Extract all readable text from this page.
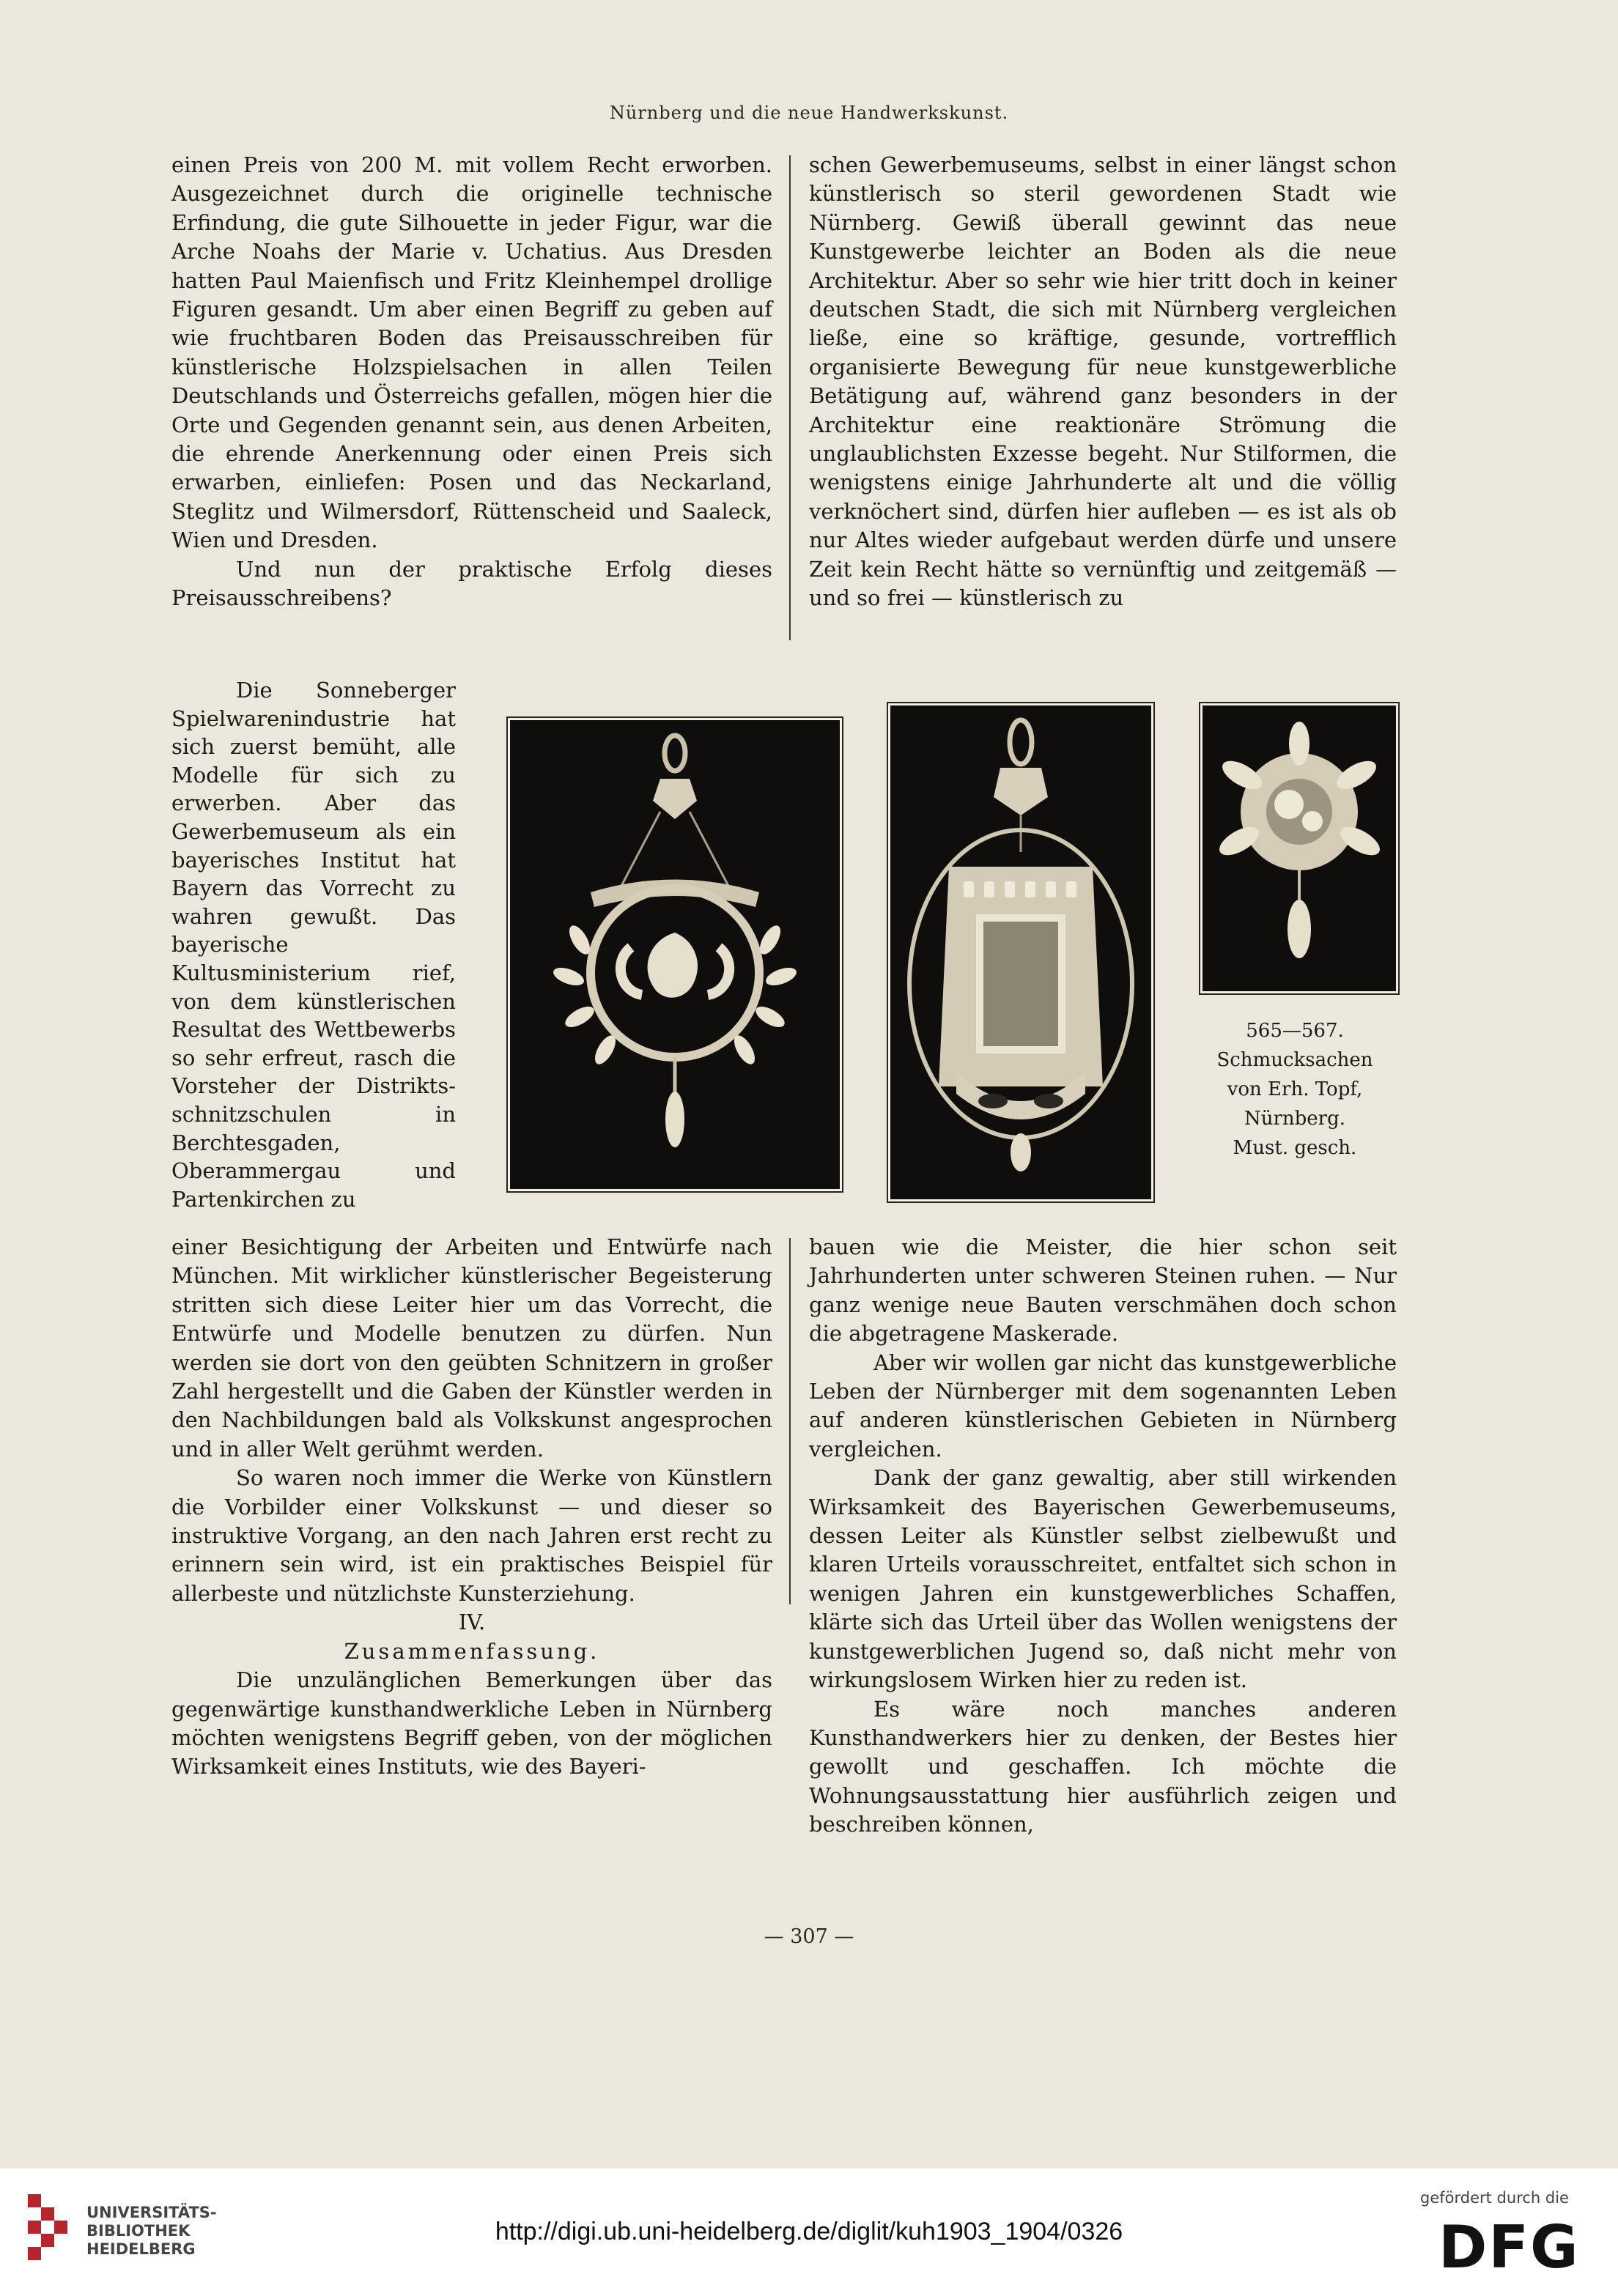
Nürnberg und die neue Handwerkskunst.

einen Preis von 200 M. mit vollem Recht erworben. Ausgezeichnet durch die originelle technische Erfindung, die gute Silhouette in jeder Figur, war die Arche Noahs der Marie v. Uchatius. Aus Dresden hatten Paul Maienfisch und Fritz Kleinhempel drollige Figuren gesandt. Um aber einen Begriff zu geben auf wie fruchtbaren Boden das Preisausschreiben für künstlerische Holzspielsachen in allen Teilen Deutschlands und Österreichs gefallen, mögen hier die Orte und Gegenden genannt sein, aus denen Arbeiten, die ehrende Anerkennung oder einen Preis sich erwarben, einliefen: Posen und das Neckarland, Steglitz und Wilmersdorf, Rüttenscheid und Saaleck, Wien und Dresden.

Und nun der praktische Erfolg dieses Preisausschreibens?

Die Sonneberger Spielwarenindustrie hat sich zuerst bemüht, alle Modelle für sich zu erwerben. Aber das Gewerbemuseum als ein bayerisches Institut hat Bayern das Vorrecht zu wahren gewußt. Das bayerische Kultusministerium rief, von dem künstlerischen Resultat des Wettbewerbs so sehr erfreut, rasch die Vorsteher der Distrikts-schnitzschulen in Berchtesgaden, Oberammergau und Partenkirchen zu

einer Besichtigung der Arbeiten und Entwürfe nach München. Mit wirklicher künstlerischer Begeisterung stritten sich diese Leiter hier um das Vorrecht, die Entwürfe und Modelle benutzen zu dürfen. Nun werden sie dort von den geübten Schnitzern in großer Zahl hergestellt und die Gaben der Künstler werden in den Nachbildungen bald als Volkskunst angesprochen und in aller Welt gerühmt werden.

So waren noch immer die Werke von Künstlern die Vorbilder einer Volkskunst — und dieser so instruktive Vorgang, an den nach Jahren erst recht zu erinnern sein wird, ist ein praktisches Beispiel für allerbeste und nützlichste Kunsterziehung.

IV.

Zusammenfassung.

Die unzulänglichen Bemerkungen über das gegenwärtige kunsthandwerkliche Leben in Nürnberg möchten wenigstens Begriff geben, von der möglichen Wirksamkeit eines Instituts, wie des Bayeri-

schen Gewerbemuseums, selbst in einer längst schon künstlerisch so steril gewordenen Stadt wie Nürnberg. Gewiß überall gewinnt das neue Kunstgewerbe leichter an Boden als die neue Architektur. Aber so sehr wie hier tritt doch in keiner deutschen Stadt, die sich mit Nürnberg vergleichen ließe, eine so kräftige, gesunde, vortrefflich organisierte Bewegung für neue kunstgewerbliche Betätigung auf, während ganz besonders in der Architektur eine reaktionäre Strömung die unglaublichsten Exzesse begeht. Nur Stilformen, die wenigstens einige Jahrhunderte alt und die völlig verknöchert sind, dürfen hier aufleben — es ist als ob nur Altes wieder aufgebaut werden dürfe und unsere Zeit kein Recht hätte so vernünftig und zeitgemäß — und so frei — künstlerisch zu

bauen wie die Meister, die hier schon seit Jahrhunderten unter schweren Steinen ruhen. — Nur ganz wenige neue Bauten verschmähen doch schon die abgetragene Maskerade.

Aber wir wollen gar nicht das kunstgewerbliche Leben der Nürnberger mit dem sogenannten Leben auf anderen künstlerischen Gebieten in Nürnberg vergleichen.

Dank der ganz gewaltig, aber still wirkenden Wirksamkeit des Bayerischen Gewerbemuseums, dessen Leiter als Künstler selbst zielbewußt und klaren Urteils vorausschreitet, entfaltet sich schon in wenigen Jahren ein kunstgewerbliches Schaffen, klärte sich das Urteil über das Wollen wenigstens der kunstgewerblichen Jugend so, daß nicht mehr von wirkungslosem Wirken hier zu reden ist.

Es wäre noch manches anderen Kunsthandwerkers hier zu denken, der Bestes hier gewollt und geschaffen. Ich möchte die Wohnungsausstattung hier ausführlich zeigen und beschreiben können,

565—567.
Schmucksachen
von Erh. Topf,
Nürnberg.
Must. gesch.
— 307 —
UNIVERSITÄTS-
BIBLIOTHEK
HEIDELBERG
http://digi.ub.uni-heidelberg.de/diglit/kuh1903_1904/0326
gefördert durch die
DFG
